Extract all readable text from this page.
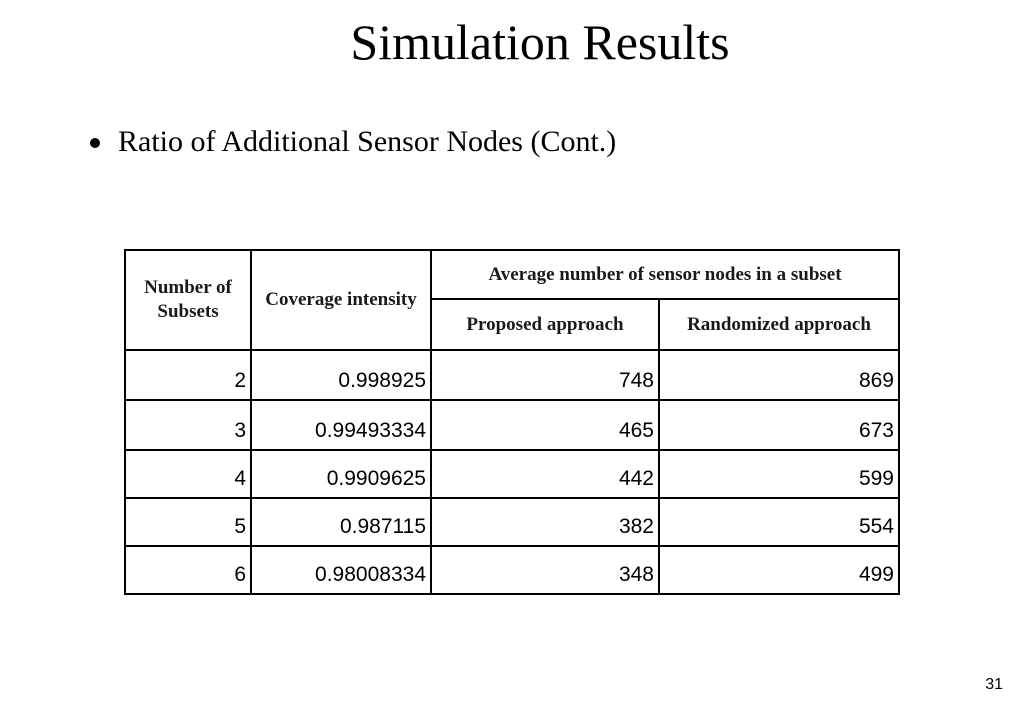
Simulation Results
Ratio of Additional Sensor Nodes (Cont.)
Number of Subsets	Coverage intensity	Average number of sensor nodes in a subset	
		Proposed approach	Randomized approach
2	0.998925	748	869
3	0.99493334	465	673
4	0.9909625	442	599
5	0.987115	382	554
6	0.98008334	348	499
31
